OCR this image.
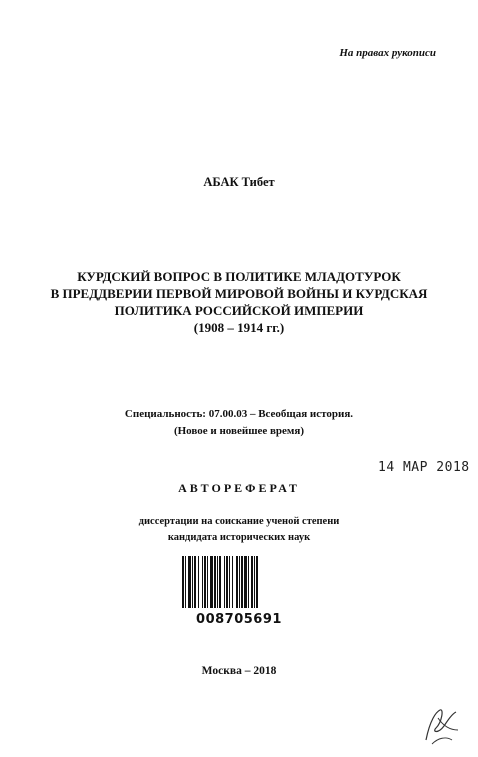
На правах рукописи
АБАК Тибет
КУРДСКИЙ ВОПРОС В ПОЛИТИКЕ МЛАДОТУРОК
В ПРЕДДВЕРИИ ПЕРВОЙ МИРОВОЙ ВОЙНЫ И КУРДСКАЯ
ПОЛИТИКА РОССИЙСКОЙ ИМПЕРИИ
(1908 – 1914 гг.)
Специальность: 07.00.03 – Всеобщая история.
(Новое и новейшее время)
14 МАР 2018
АВТОРЕФЕРАТ
диссертации на соискание ученой степени
кандидата исторических наук
008705691
Москва – 2018
